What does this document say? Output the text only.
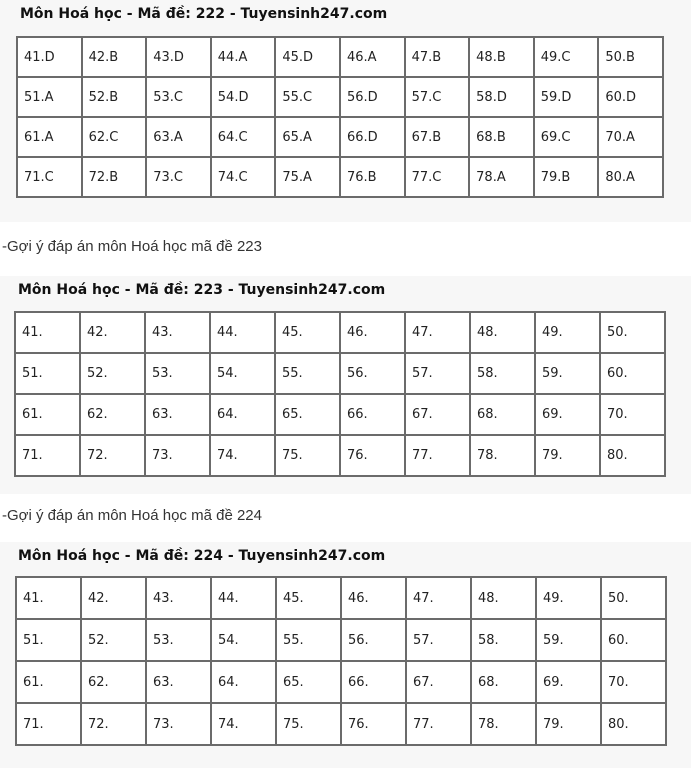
Môn Hoá học - Mã đề: 222 - Tuyensinh247.com
41.D	42.B	43.D	44.A	45.D	46.A	47.B	48.B	49.C	50.B
51.A	52.B	53.C	54.D	55.C	56.D	57.C	58.D	59.D	60.D
61.A	62.C	63.A	64.C	65.A	66.D	67.B	68.B	69.C	70.A
71.C	72.B	73.C	74.C	75.A	76.B	77.C	78.A	79.B	80.A
-Gợi ý đáp án môn Hoá học mã đề 223
Môn Hoá học - Mã đề: 223 - Tuyensinh247.com
41.	42.	43.	44.	45.	46.	47.	48.	49.	50.
51.	52.	53.	54.	55.	56.	57.	58.	59.	60.
61.	62.	63.	64.	65.	66.	67.	68.	69.	70.
71.	72.	73.	74.	75.	76.	77.	78.	79.	80.
-Gợi ý đáp án môn Hoá học mã đề 224
Môn Hoá học - Mã đề: 224 - Tuyensinh247.com
41.	42.	43.	44.	45.	46.	47.	48.	49.	50.
51.	52.	53.	54.	55.	56.	57.	58.	59.	60.
61.	62.	63.	64.	65.	66.	67.	68.	69.	70.
71.	72.	73.	74.	75.	76.	77.	78.	79.	80.
